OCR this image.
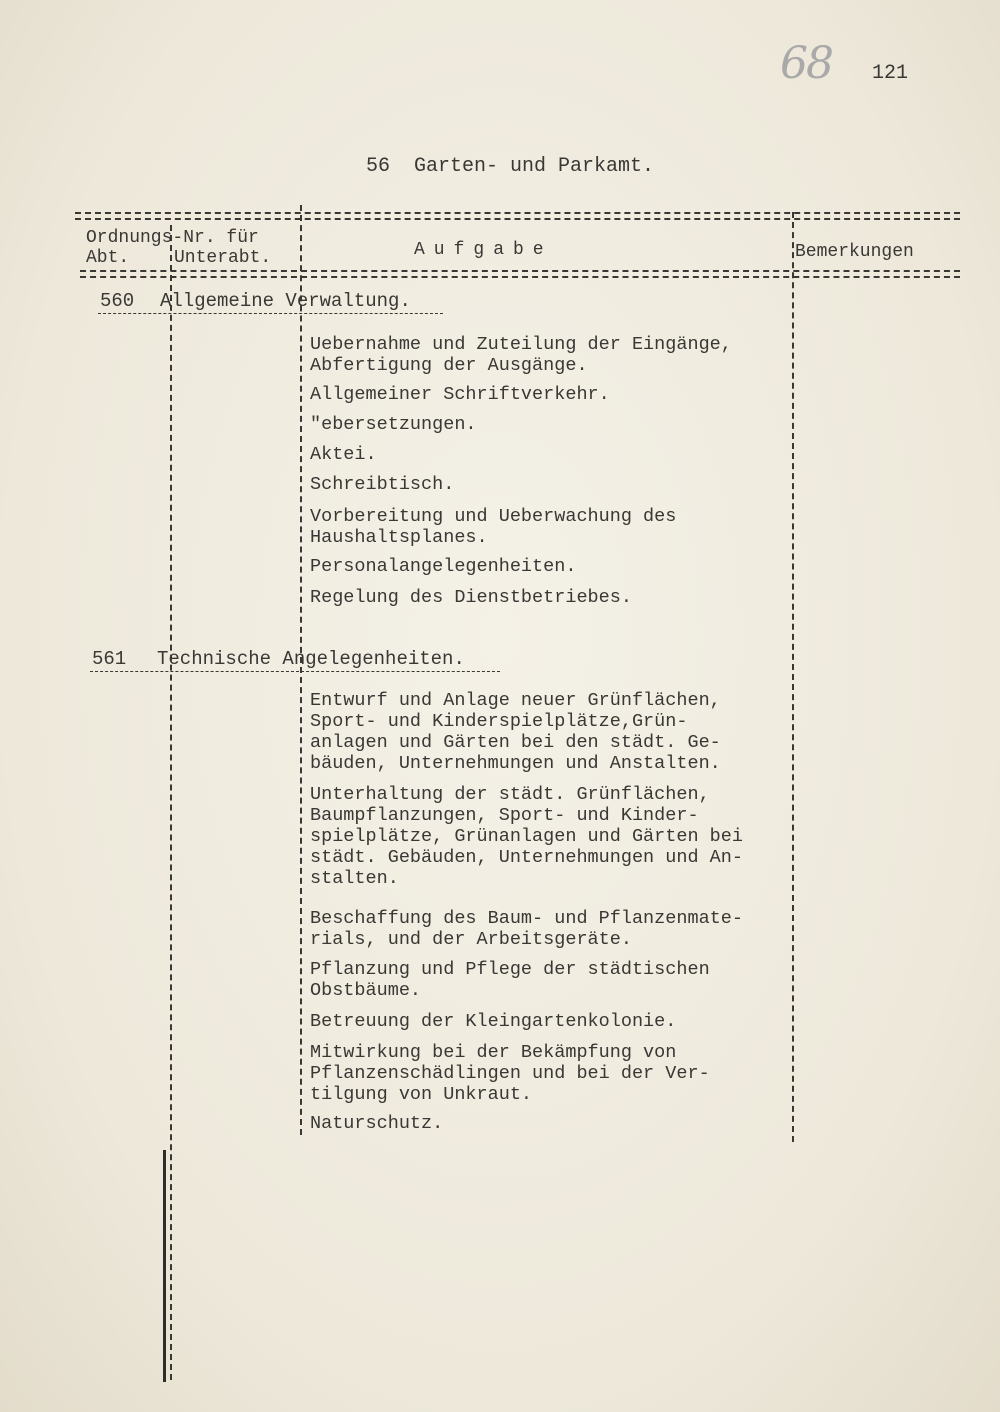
68 121
56  Garten- und Parkamt.
Ordnungs-Nr. für
Abt. Unterabt.	Aufgabe	Bemerkungen
560 Allgemeine Verwaltung.
Uebernahme und Zuteilung der Eingänge,
Abfertigung der Ausgänge.
Allgemeiner Schriftverkehr.
"ebersetzungen.
Aktei.
Schreibtisch.
Vorbereitung und Ueberwachung des
Haushaltsplanes.
Personalangelegenheiten.
Regelung des Dienstbetriebes.
561 Technische Angelegenheiten.
Entwurf und Anlage neuer Grünflächen,
Sport- und Kinderspielplätze,Grün-
anlagen und Gärten bei den städt. Ge-
bäuden, Unternehmungen und Anstalten.
Unterhaltung der städt. Grünflächen,
Baumpflanzungen, Sport- und Kinder-
spielplätze, Grünanlagen und Gärten bei
städt. Gebäuden, Unternehmungen und An-
stalten.
Beschaffung des Baum- und Pflanzenmate-
rials, und der Arbeitsgeräte.
Pflanzung und Pflege der städtischen
Obstbäume.
Betreuung der Kleingartenkolonie.
Mitwirkung bei der Bekämpfung von
Pflanzenschädlingen und bei der Ver-
tilgung von Unkraut.
Naturschutz.
